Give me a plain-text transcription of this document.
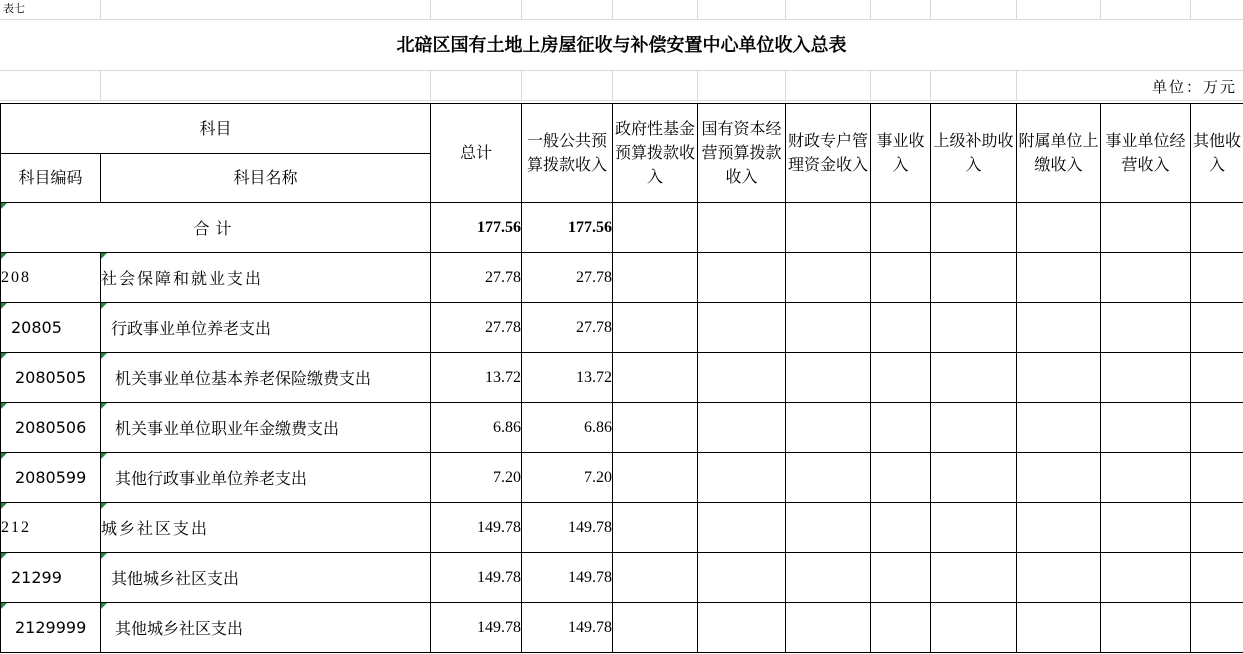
表七
北碚区国有土地上房屋征收与补偿安置中心单位收入总表
单位：万元
科目		总计	一般公共预算拨款收入	政府性基金预算拨款收入	国有资本经营预算拨款收入	财政专户管理资金收入	事业收入	上级补助收入	附属单位上缴收入	事业单位经营收入	其他收入
科目编码	科目名称										
合计		177.56	177.56								
208	社会保障和就业支出	27.78	27.78								
20805	行政事业单位养老支出	27.78	27.78								
2080505	机关事业单位基本养老保险缴费支出	13.72	13.72								
2080506	机关事业单位职业年金缴费支出	6.86	6.86								
2080599	其他行政事业单位养老支出	7.20	7.20								
212	城乡社区支出	149.78	149.78								
21299	其他城乡社区支出	149.78	149.78								
2129999	其他城乡社区支出	149.78	149.78								
